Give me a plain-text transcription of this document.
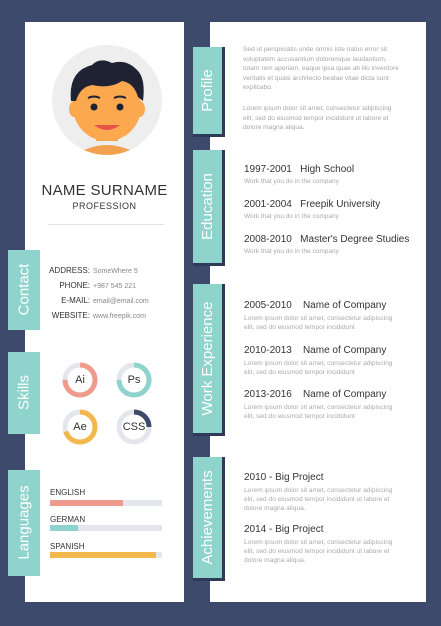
NAME SURNAME
PROFESSION
Contact
Skills
Languages
ADDRESS: SomeWhere 5
PHONE: +987 545 221
E-MAIL: email@email.com
WEBSITE: www.freepik.com
Ai	Ps
Ae	CSS
ENGLISH
GERMAN
SPANISH
Profile
Education
Work Experience
Achievements
Sed ut perspiciatis unde omnis iste natus error sit voluptatem accusantium doloremque laudantium, totam rem aperiam, eaque ipsa quae ab illo inventore veritatis et quasi architecto beatae vitae dicta sunt explicabo.
Lorem ipsum dolor sit amet, consectetur adipiscing elit, sed do eiusmod tempor incididunt ut labore et dolore magna aliqua.
1997-2001 High School
Work that you do in the company
2001-2004 Freepik University
Work that you do in the company
2008-2010 Master's Degree Studies
Work that you do in the company
2005-2010 Name of Company
Lorem ipsum dolor sit amet, consectetur adipiscing elit, sed do eiusmod tempor incididunt
2010-2013 Name of Company
Lorem ipsum dolor sit amet, consectetur adipiscing elit, sed do eiusmod tempor incididunt
2013-2016 Name of Company
Lorem ipsum dolor sit amet, consectetur adipiscing elit, sed do eiusmod tempor incididunt
2010 - Big Project
Lorem ipsum dolor sit amet, consectetur adipiscing elit, sed do eiusmod tempor incididunt ut labore et dolore magna aliqua.
2014 - Big Project
Lorem ipsum dolor sit amet, consectetur adipiscing elit, sed do eiusmod tempor incididunt ut labore et dolore magna aliqua.
